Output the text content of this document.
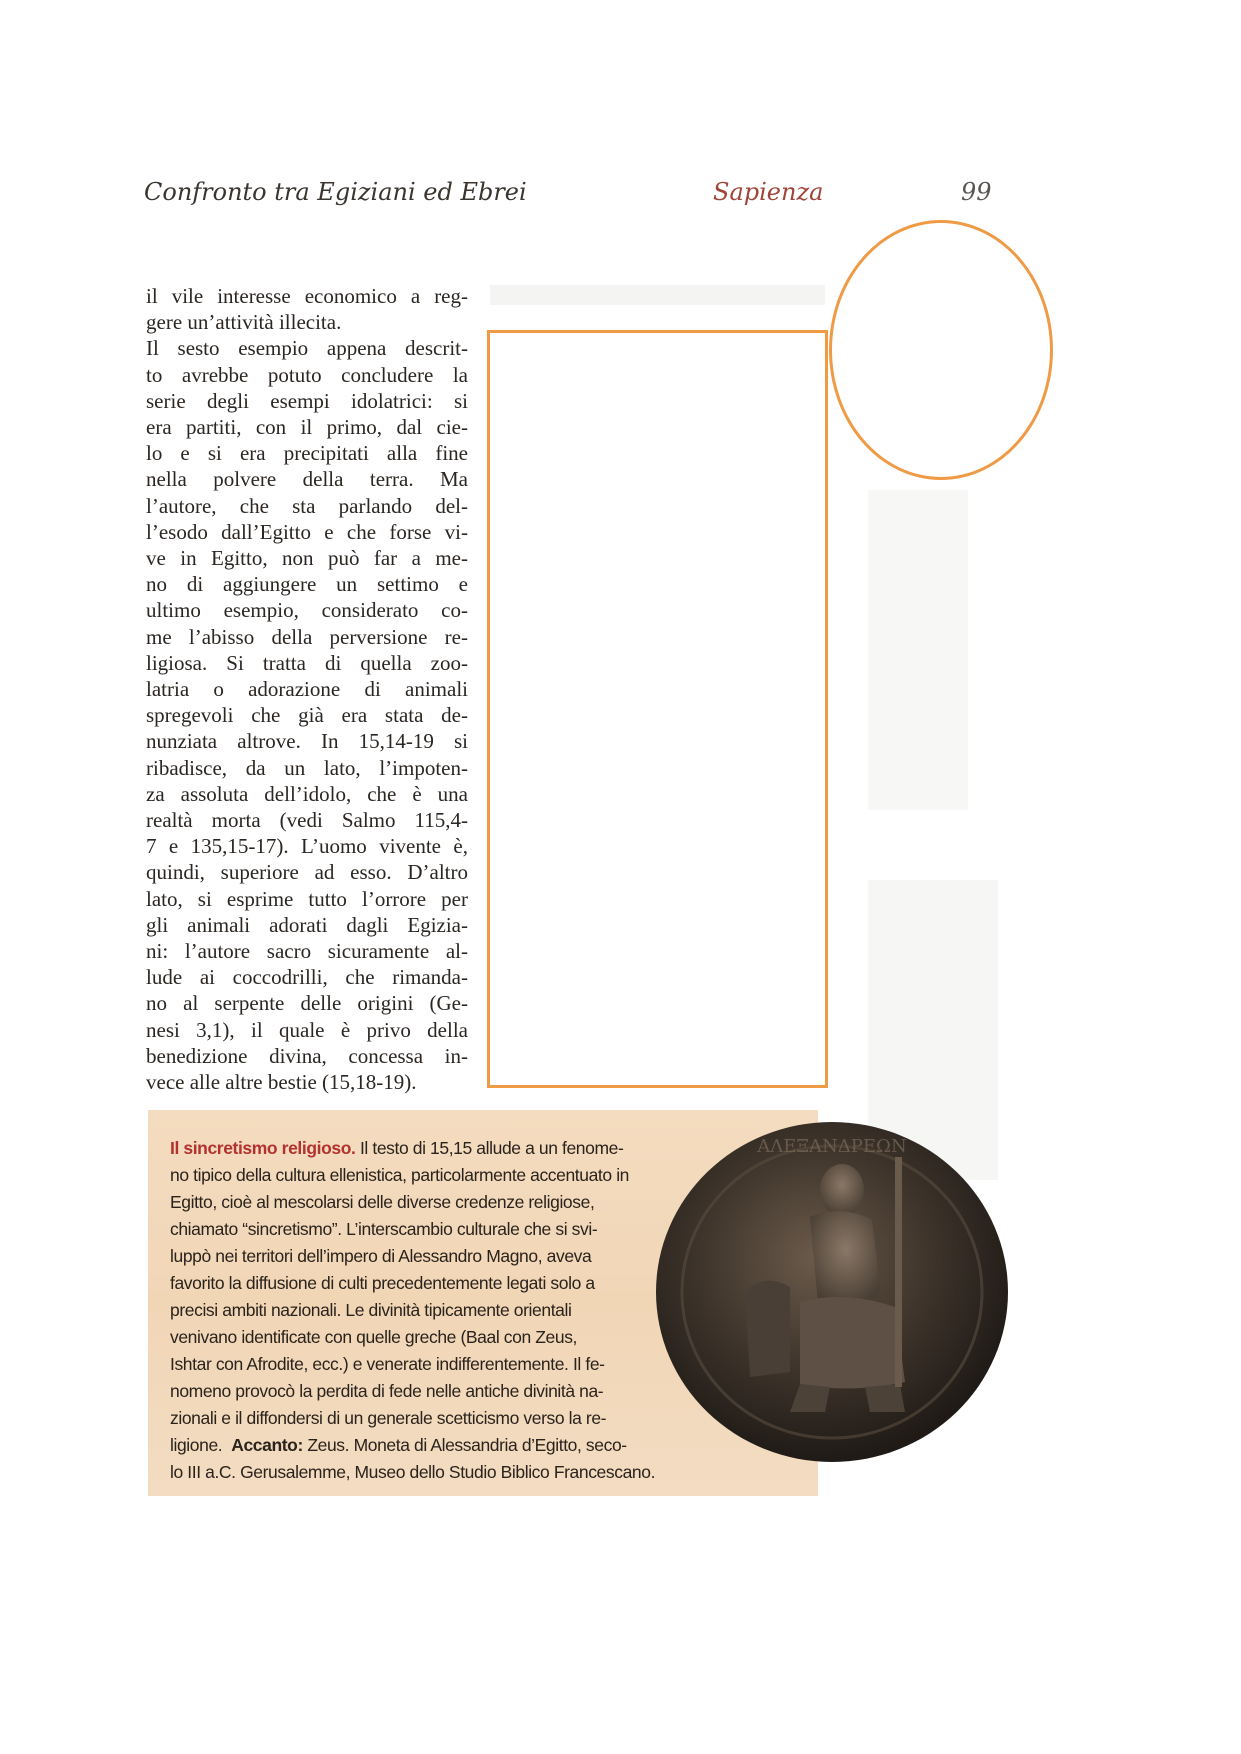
Confronto tra Egiziani ed Ebrei	Sapienza	99
il vile interesse economico a reg-
gere un’attività illecita.
Il sesto esempio appena descrit-
to avrebbe potuto concludere la
serie degli esempi idolatrici: si
era partiti, con il primo, dal cie-
lo e si era precipitati alla fine
nella polvere della terra. Ma
l’autore, che sta parlando del-
l’esodo dall’Egitto e che forse vi-
ve in Egitto, non può far a me-
no di aggiungere un settimo e
ultimo esempio, considerato co-
me l’abisso della perversione re-
ligiosa. Si tratta di quella zoo-
latria o adorazione di animali
spregevoli che già era stata de-
nunziata altrove. In 15,14-19 si
ribadisce, da un lato, l’impoten-
za assoluta dell’idolo, che è una
realtà morta (vedi Salmo 115,4-
7 e 135,15-17). L’uomo vivente è,
quindi, superiore ad esso. D’altro
lato, si esprime tutto l’orrore per
gli animali adorati dagli Egizia-
ni: l’autore sacro sicuramente al-
lude ai coccodrilli, che rimanda-
no al serpente delle origini (Ge-
nesi 3,1), il quale è privo della
benedizione divina, concessa in-
vece alle altre bestie (15,18-19).
ΑΛΕΞΑΝΔΡΕΩΝ
Il sincretismo religioso. Il testo di 15,15 allude a un fenome-
no tipico della cultura ellenistica, particolarmente accentuato in
Egitto, cioè al mescolarsi delle diverse credenze religiose,
chiamato “sincretismo”. L’interscambio culturale che si svi-
luppò nei territori dell’impero di Alessandro Magno, aveva
favorito la diffusione di culti precedentemente legati solo a
precisi ambiti nazionali. Le divinità tipicamente orientali
venivano identificate con quelle greche (Baal con Zeus,
Ishtar con Afrodite, ecc.) e venerate indifferentemente. Il fe-
nomeno provocò la perdita di fede nelle antiche divinità na-
zionali e il diffondersi di un generale scetticismo verso la re-
ligione. Accanto: Zeus. Moneta di Alessandria d’Egitto, seco-
lo III a.C. Gerusalemme, Museo dello Studio Biblico Francescano.
